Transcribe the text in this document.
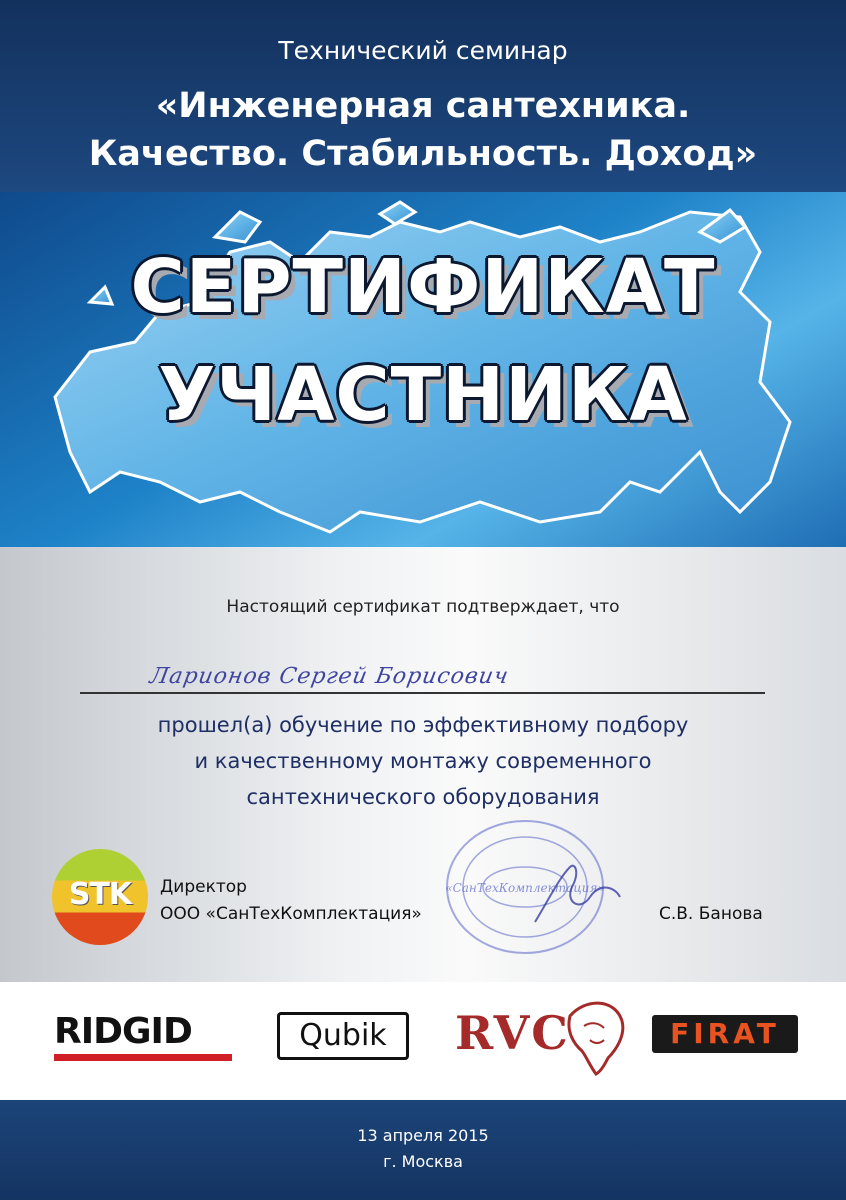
Технический семинар
«Инженерная сантехника.
Качество. Стабильность. Доход»
СЕРТИФИКАТ
УЧАСТНИКА
Настоящий сертификат подтверждает, что
Ларионов Сергей Борисович
прошел(а) обучение по эффективному подбору
и качественному монтажу современного
сантехнического оборудования
STK	Директор
ООО «СанТехКомплектация»
«СанТехКомплектация»
С.В. Банова
RIDGID	Qubik	RVC	FIRAT
13 апреля 2015
г. Москва
